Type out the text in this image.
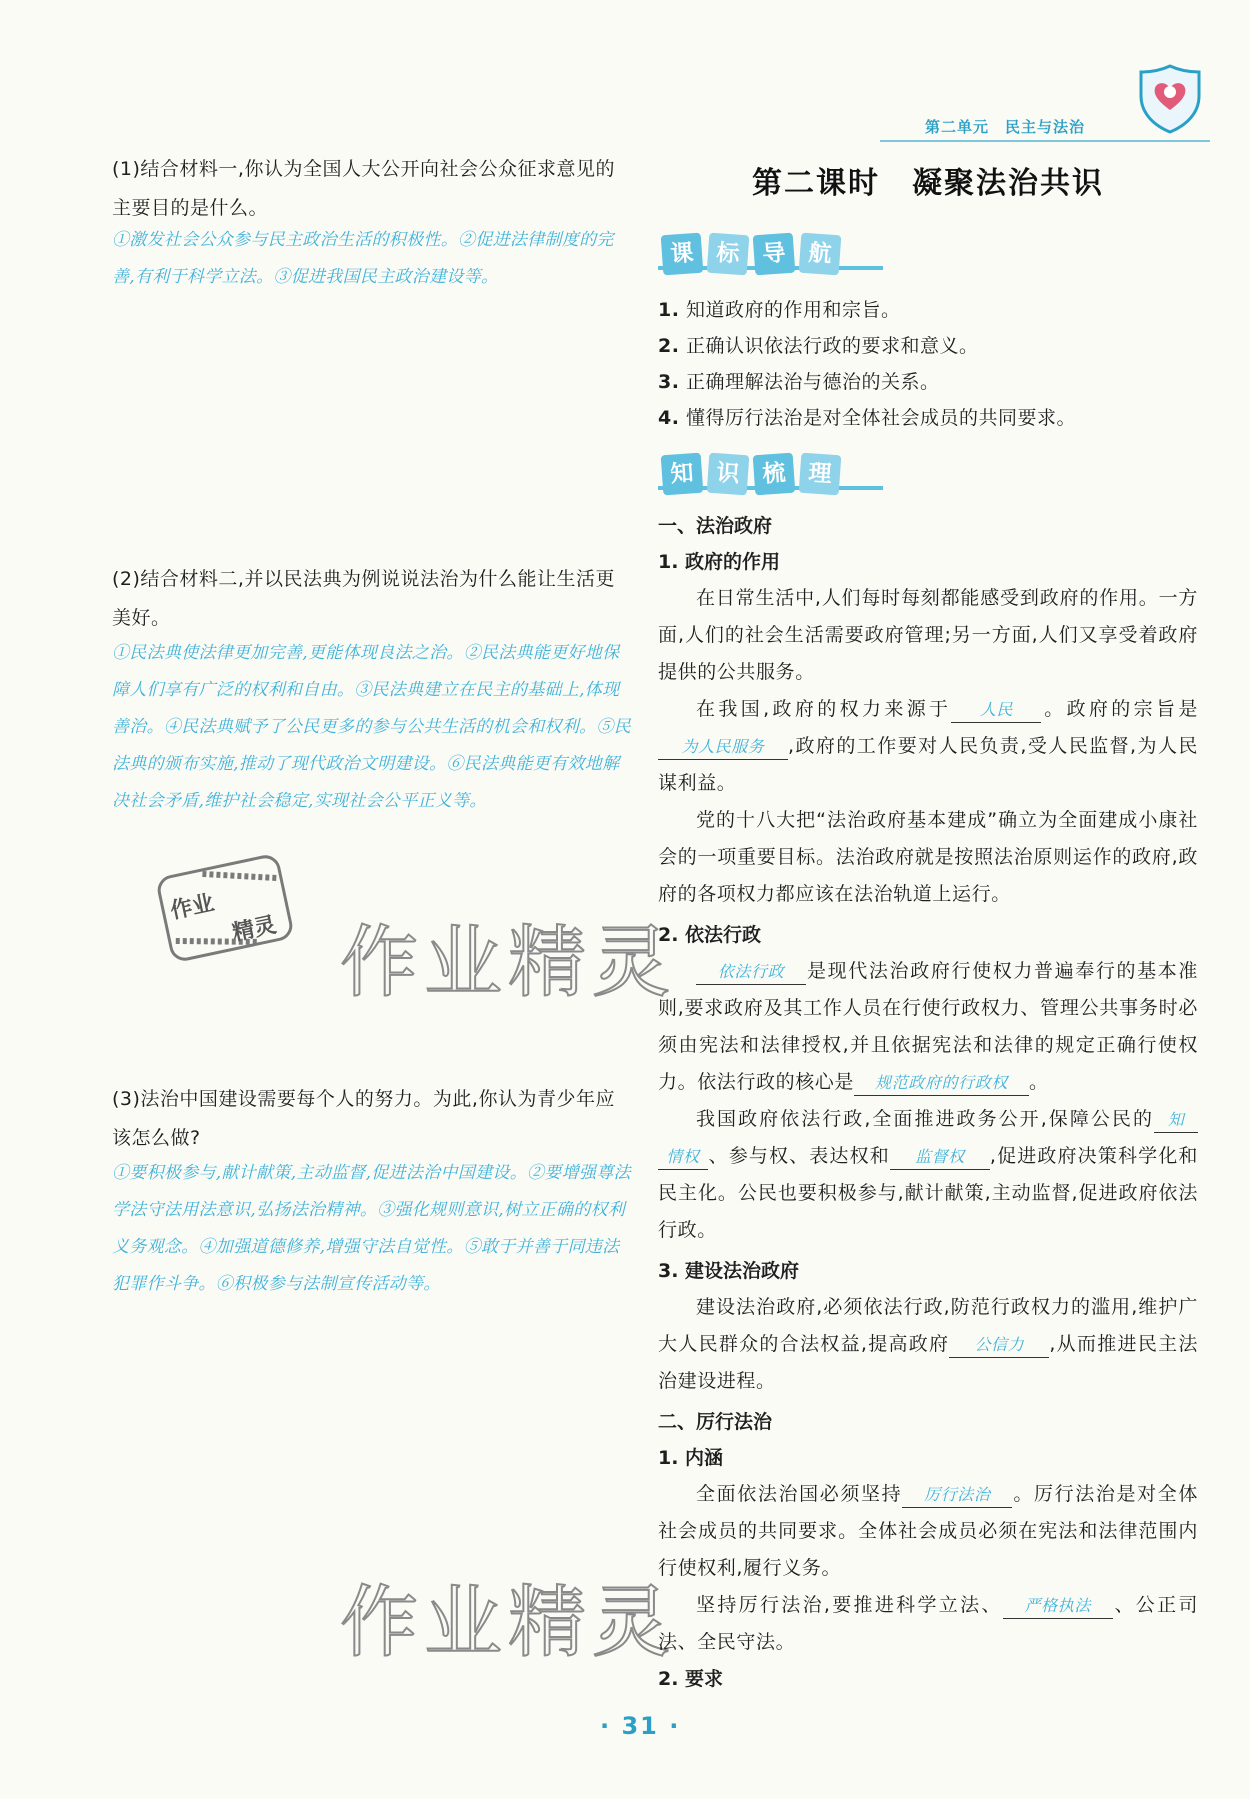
第二单元 民主与法治
(1)结合材料一,你认为全国人大公开向社会公众征求意见的主要目的是什么。
①激发社会公众参与民主政治生活的积极性。②促进法律制度的完善,有利于科学立法。③促进我国民主政治建设等。
(2)结合材料二,并以民法典为例说说法治为什么能让生活更美好。
①民法典使法律更加完善,更能体现良法之治。②民法典能更好地保障人们享有广泛的权利和自由。③民法典建立在民主的基础上,体现善治。④民法典赋予了公民更多的参与公共生活的机会和权利。⑤民法典的颁布实施,推动了现代政治文明建设。⑥民法典能更有效地解决社会矛盾,维护社会稳定,实现社会公平正义等。
(3)法治中国建设需要每个人的努力。为此,你认为青少年应该怎么做?
①要积极参与,献计献策,主动监督,促进法治中国建设。②要增强尊法学法守法用法意识,弘扬法治精神。③强化规则意识,树立正确的权利义务观念。④加强道德修养,增强守法自觉性。⑤敢于并善于同违法犯罪作斗争。⑥积极参与法制宣传活动等。
作业
精灵 作业精灵
作业精灵
第二课时　凝聚法治共识
课 标 导 航
1. 知道政府的作用和宗旨。
2. 正确认识依法行政的要求和意义。
3. 正确理解法治与德治的关系。
4. 懂得厉行法治是对全体社会成员的共同要求。
知 识 梳 理
一、法治政府
1. 政府的作用
在日常生活中,人们每时每刻都能感受到政府的作用。一方面,人们的社会生活需要政府管理;另一方面,人们又享受着政府提供的公共服务。
在我国,政府的权力来源于 人民 。政府的宗旨是为人民服务 ,政府的工作要对人民负责,受人民监督,为人民谋利益。
党的十八大把“法治政府基本建成”确立为全面建成小康社会的一项重要目标。法治政府就是按照法治原则运作的政府,政府的各项权力都应该在法治轨道上运行。
2. 依法行政
依法行政 是现代法治政府行使权力普遍奉行的基本准则,要求政府及其工作人员在行使行政权力、管理公共事务时必须由宪法和法律授权,并且依据宪法和法律的规定正确行使权力。依法行政的核心是 规范政府的行政权 。
我国政府依法行政,全面推进政务公开,保障公民的 知情权 、参与权、表达权和 监督权 ,促进政府决策科学化和民主化。公民也要积极参与,献计献策,主动监督,促进政府依法行政。
3. 建设法治政府
建设法治政府,必须依法行政,防范行政权力的滥用,维护广大人民群众的合法权益,提高政府 公信力 ,从而推进民主法治建设进程。
二、厉行法治
1. 内涵
全面依法治国必须坚持 厉行法治 。厉行法治是对全体社会成员的共同要求。全体社会成员必须在宪法和法律范围内行使权利,履行义务。
坚持厉行法治,要推进科学立法、 严格执法 、公正司法、全民守法。
2. 要求
· 31 ·
